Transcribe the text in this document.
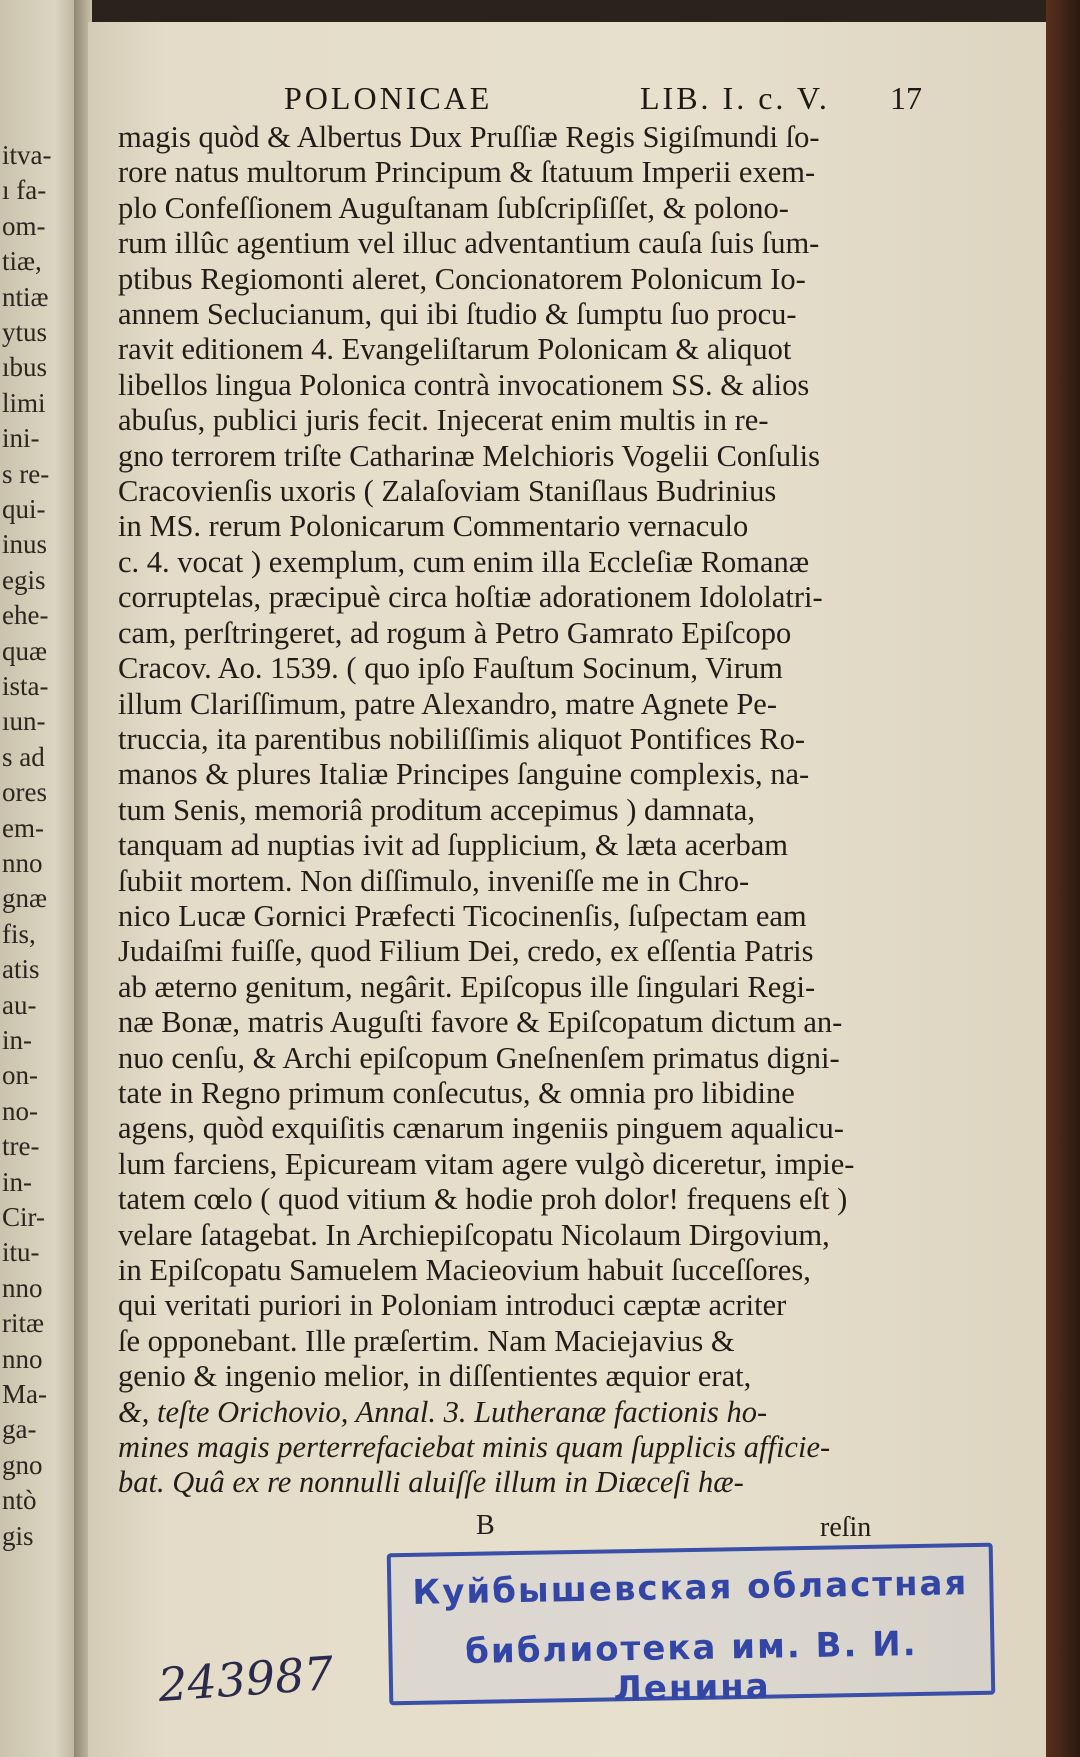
itva-
ı fa-
om-
tiæ,
ntiæ
ytus
ıbus
limi
ini-
s re-
qui-
inus
egis
ehe-
quæ
ista-
ıun-
s ad
ores
em-
nno
gnæ
fis,
atis
au-
in-
on-
no-
tre-
in-
Cir-
itu-
nno
ritæ
nno
Ma-
ga-
gno
ntò
gis
POLONICAE	LIB. I. c. V. 17
magis quòd & Albertus Dux Pruſſiæ Regis Sigiſmundi ſo-
rore natus multorum Principum & ſtatuum Imperii exem-
plo Confeſſionem Auguſtanam ſubſcripſiſſet, & polono-
rum illûc agentium vel illuc adventantium cauſa ſuis ſum-
ptibus Regiomonti aleret, Concionatorem Polonicum Io-
annem Seclucianum, qui ibi ſtudio & ſumptu ſuo procu-
ravit editionem 4. Evangeliſtarum Polonicam & aliquot
libellos lingua Polonica contrà invocationem SS. & alios
abuſus, publici juris fecit. Injecerat enim multis in re-
gno terrorem triſte Catharinæ Melchioris Vogelii Conſulis
Cracovienſis uxoris ( Zalaſoviam Staniſlaus Budrinius
in MS. rerum Polonicarum Commentario vernaculo
c. 4. vocat ) exemplum, cum enim illa Eccleſiæ Romanæ
corruptelas, præcipuè circa hoſtiæ adorationem Idololatri-
cam, perſtringeret, ad rogum à Petro Gamrato Epiſcopo
Cracov. Ao. 1539. ( quo ipſo Fauſtum Socinum, Virum
illum Clariſſimum, patre Alexandro, matre Agnete Pe-
truccia, ita parentibus nobiliſſimis aliquot Pontifices Ro-
manos & plures Italiæ Principes ſanguine complexis, na-
tum Senis, memoriâ proditum accepimus ) damnata,
tanquam ad nuptias ivit ad ſupplicium, & læta acerbam
ſubiit mortem. Non diſſimulo, inveniſſe me in Chro-
nico Lucæ Gornici Præfecti Ticocinenſis, ſuſpectam eam
Judaiſmi fuiſſe, quod Filium Dei, credo, ex eſſentia Patris
ab æterno genitum, negârit. Epiſcopus ille ſingulari Regi-
næ Bonæ, matris Auguſti favore & Epiſcopatum dictum an-
nuo cenſu, & Archi epiſcopum Gneſnenſem primatus digni-
tate in Regno primum conſecutus, & omnia pro libidine
agens, quòd exquiſitis cænarum ingeniis pinguem aqualicu-
lum farciens, Epicuream vitam agere vulgò diceretur, impie-
tatem cœlo ( quod vitium & hodie proh dolor! frequens eſt )
velare ſatagebat. In Archiepiſcopatu Nicolaum Dirgovium,
in Epiſcopatu Samuelem Macieovium habuit ſucceſſores,
qui veritati puriori in Poloniam introduci cæptæ acriter
ſe opponebant. Ille præſertim. Nam Maciejavius &
genio & ingenio melior, in diſſentientes æquior erat,
&, teſte Orichovio, Annal. 3. Lutheranæ factionis ho-
mines magis perterrefaciebat minis quam ſupplicis afficie-
bat. Quâ ex re nonnulli aluiſſe illum in Diæceſi hæ-
B	reſin
Куйбышевская областная
библиотека им. В. И. Ленина
243987
